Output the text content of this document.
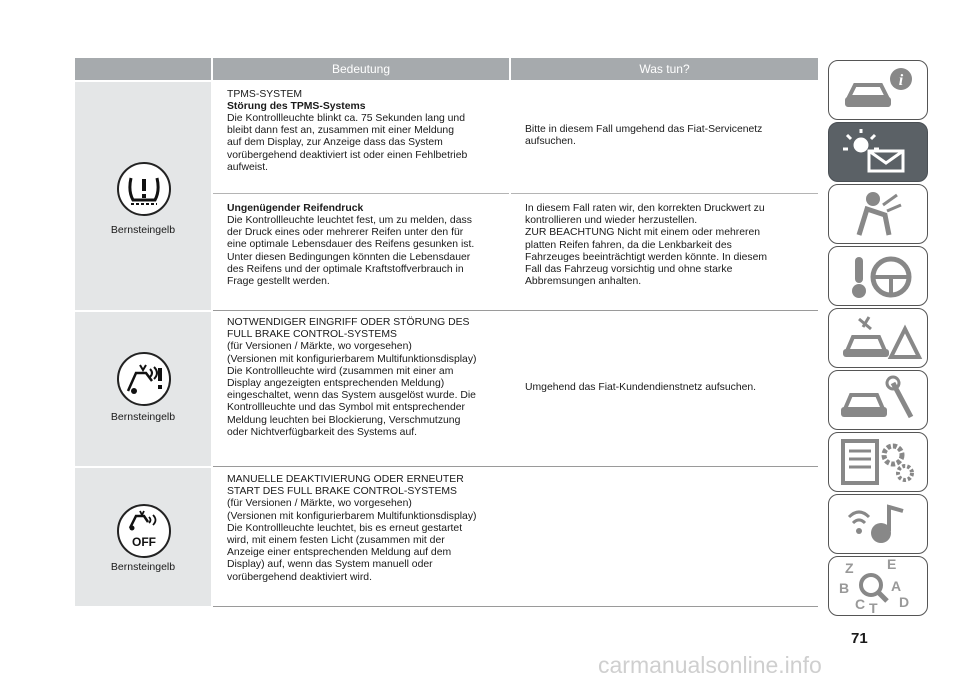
Bedeutung	Was tun?
Bernsteingelb
Bernsteingelb
OFF
Bernsteingelb
TPMS-SYSTEM
Störung des TPMS-Systems
Die Kontrollleuchte blinkt ca. 75 Sekunden lang und
bleibt dann fest an, zusammen mit einer Meldung
auf dem Display, zur Anzeige dass das System
vorübergehend deaktiviert ist oder einen Fehlbetrieb
aufweist.
Bitte in diesem Fall umgehend das Fiat-Servicenetz
aufsuchen.
Ungenügender Reifendruck
Die Kontrollleuchte leuchtet fest, um zu melden, dass
der Druck eines oder mehrerer Reifen unter den für
eine optimale Lebensdauer des Reifens gesunken ist.
Unter diesen Bedingungen könnten die Lebensdauer
des Reifens und der optimale Kraftstoffverbrauch in
Frage gestellt werden.
In diesem Fall raten wir, den korrekten Druckwert zu
kontrollieren und wieder herzustellen.
ZUR BEACHTUNG Nicht mit einem oder mehreren
platten Reifen fahren, da die Lenkbarkeit des
Fahrzeuges beeinträchtigt werden könnte. In diesem
Fall das Fahrzeug vorsichtig und ohne starke
Abbremsungen anhalten.
NOTWENDIGER EINGRIFF ODER STÖRUNG DES
FULL BRAKE CONTROL-SYSTEMS
(für Versionen / Märkte, wo vorgesehen)
(Versionen mit konfigurierbarem Multifunktionsdisplay)
Die Kontrollleuchte wird (zusammen mit einer am
Display angezeigten entsprechenden Meldung)
eingeschaltet, wenn das System ausgelöst wurde. Die
Kontrollleuchte und das Symbol mit entsprechender
Meldung leuchten bei Blockierung, Verschmutzung
oder Nichtverfügbarkeit des Systems auf.
Umgehend das Fiat-Kundendienstnetz aufsuchen.
MANUELLE DEAKTIVIERUNG ODER ERNEUTER
START DES FULL BRAKE CONTROL-SYSTEMS
(für Versionen / Märkte, wo vorgesehen)
(Versionen mit konfigurierbarem Multifunktionsdisplay)
Die Kontrollleuchte leuchtet, bis es erneut gestartet
wird, mit einem festen Licht (zusammen mit der
Anzeige einer entsprechenden Meldung auf dem
Display) auf, wenn das System manuell oder
vorübergehend deaktiviert wird.
i
Z E
B	A
C T D
71
carmanualsonline.info
